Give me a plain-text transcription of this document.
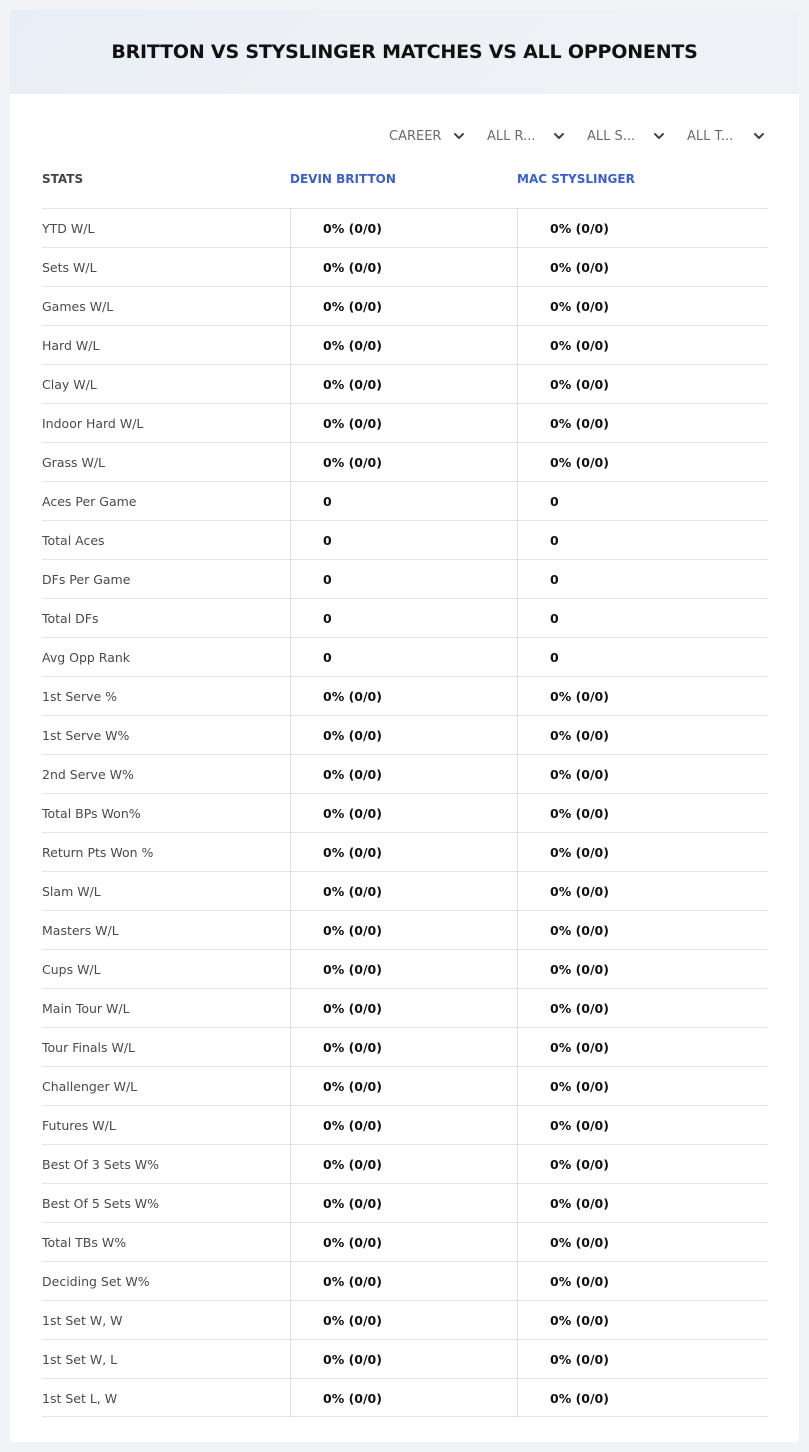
BRITTON VS STYSLINGER MATCHES VS ALL OPPONENTS
CAREER	ALL R...	ALL S...	ALL T...
STATS	DEVIN BRITTON	MAC STYSLINGER
YTD W/L	0% (0/0)	0% (0/0)
Sets W/L	0% (0/0)	0% (0/0)
Games W/L	0% (0/0)	0% (0/0)
Hard W/L	0% (0/0)	0% (0/0)
Clay W/L	0% (0/0)	0% (0/0)
Indoor Hard W/L	0% (0/0)	0% (0/0)
Grass W/L	0% (0/0)	0% (0/0)
Aces Per Game	0	0
Total Aces	0	0
DFs Per Game	0	0
Total DFs	0	0
Avg Opp Rank	0	0
1st Serve %	0% (0/0)	0% (0/0)
1st Serve W%	0% (0/0)	0% (0/0)
2nd Serve W%	0% (0/0)	0% (0/0)
Total BPs Won%	0% (0/0)	0% (0/0)
Return Pts Won %	0% (0/0)	0% (0/0)
Slam W/L	0% (0/0)	0% (0/0)
Masters W/L	0% (0/0)	0% (0/0)
Cups W/L	0% (0/0)	0% (0/0)
Main Tour W/L	0% (0/0)	0% (0/0)
Tour Finals W/L	0% (0/0)	0% (0/0)
Challenger W/L	0% (0/0)	0% (0/0)
Futures W/L	0% (0/0)	0% (0/0)
Best Of 3 Sets W%	0% (0/0)	0% (0/0)
Best Of 5 Sets W%	0% (0/0)	0% (0/0)
Total TBs W%	0% (0/0)	0% (0/0)
Deciding Set W%	0% (0/0)	0% (0/0)
1st Set W, W	0% (0/0)	0% (0/0)
1st Set W, L	0% (0/0)	0% (0/0)
1st Set L, W	0% (0/0)	0% (0/0)
